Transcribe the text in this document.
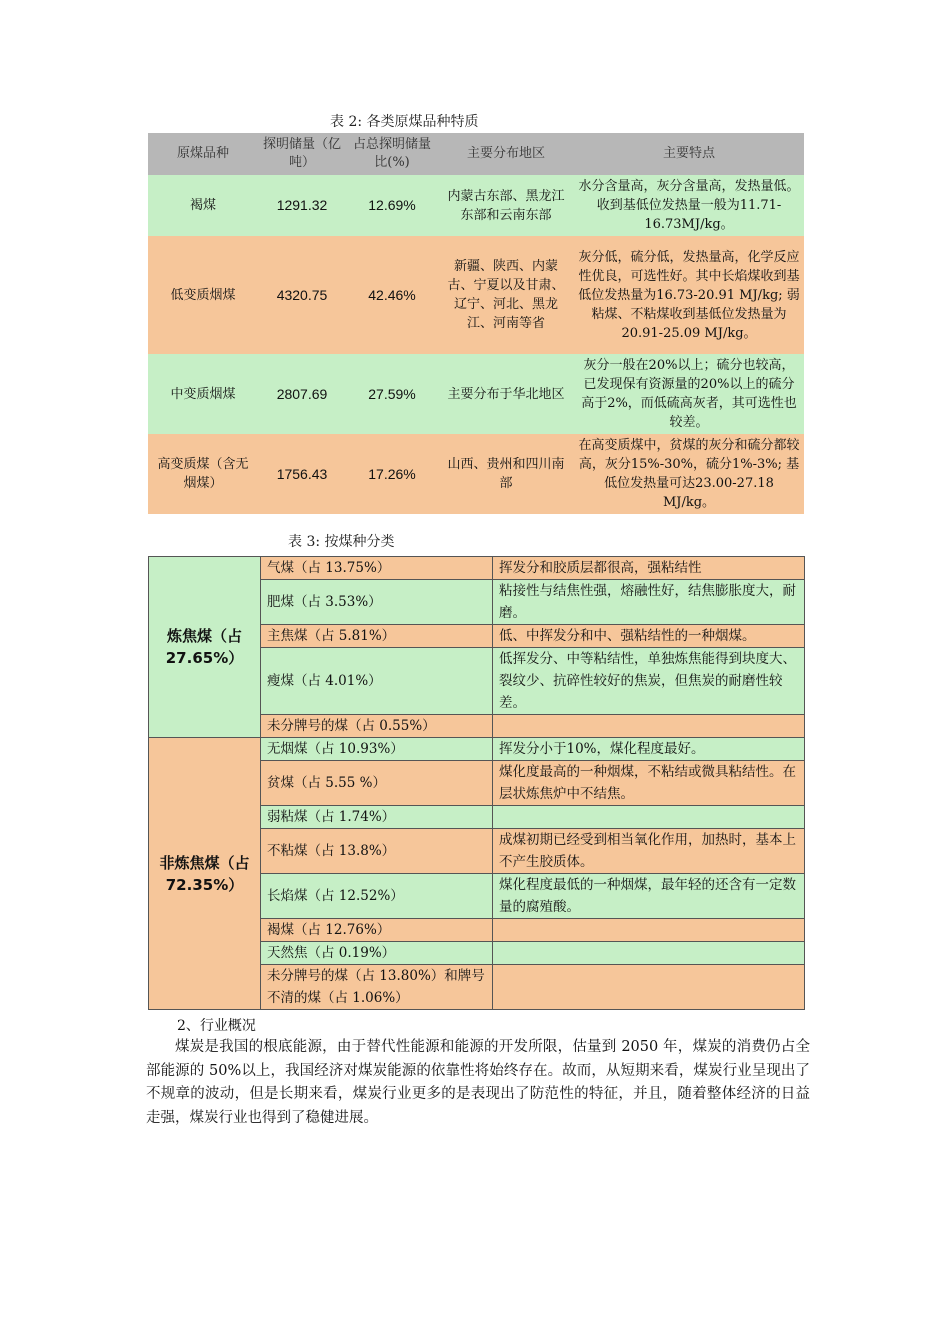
表 2: 各类原煤品种特质
原煤品种	探明储量（亿吨）	占总探明储量比(%)	主要分布地区	主要特点
褐煤	1291.32	12.69%	内蒙古东部、黑龙江东部和云南东部	水分含量高，灰分含量高，发热量低。收到基低位发热量一般为11.71-16.73MJ/kg。
低变质烟煤	4320.75	42.46%	新疆、陕西、内蒙古、宁夏以及甘肃、辽宁、河北、黑龙江、河南等省	灰分低，硫分低，发热量高，化学反应性优良，可选性好。其中长焰煤收到基低位发热量为16.73-20.91 MJ/kg; 弱粘煤、不粘煤收到基低位发热量为20.91-25.09 MJ/kg。
中变质烟煤	2807.69	27.59%	主要分布于华北地区	灰分一般在20%以上；硫分也较高，已发现保有资源量的20%以上的硫分高于2%，而低硫高灰者，其可选性也较差。
高变质煤（含无烟煤）	1756.43	17.26%	山西、贵州和四川南部	在高变质煤中，贫煤的灰分和硫分都较高，灰分15%-30%，硫分1%-3%; 基低位发热量可达23.00-27.18 MJ/kg。
表 3: 按煤种分类
炼焦煤（占27.65%）	气煤（占 13.75%）	挥发分和胶质层都很高，强粘结性
	肥煤（占 3.53%）	粘接性与结焦性强，熔融性好，结焦膨胀度大，耐磨。
	主焦煤（占 5.81%）	低、中挥发分和中、强粘结性的一种烟煤。
	瘦煤（占 4.01%）	低挥发分、中等粘结性，单独炼焦能得到块度大、裂纹少、抗碎性较好的焦炭，但焦炭的耐磨性较差。
	未分牌号的煤（占 0.55%）	
非炼焦煤（占72.35%）	无烟煤（占 10.93%）	挥发分小于10%，煤化程度最好。
	贫煤（占 5.55 %）	煤化度最高的一种烟煤，不粘结或微具粘结性。在层状炼焦炉中不结焦。
	弱粘煤（占 1.74%）	
	不粘煤（占 13.8%）	成煤初期已经受到相当氧化作用，加热时，基本上不产生胶质体。
	长焰煤（占 12.52%）	煤化程度最低的一种烟煤，最年轻的还含有一定数量的腐殖酸。
	褐煤（占 12.76%）	
	天然焦（占 0.19%）	
	未分牌号的煤（占 13.80%）和牌号不清的煤（占 1.06%）	
2、行业概况

煤炭是我国的根底能源，由于替代性能源和能源的开发所限，估量到 2050 年，煤炭的消费仍占全部能源的 50%以上，我国经济对煤炭能源的依靠性将始终存在。故而，从短期来看，煤炭行业呈现出了不规章的波动，但是长期来看，煤炭行业更多的是表现出了防范性的特征，并且，随着整体经济的日益走强，煤炭行业也得到了稳健进展。
